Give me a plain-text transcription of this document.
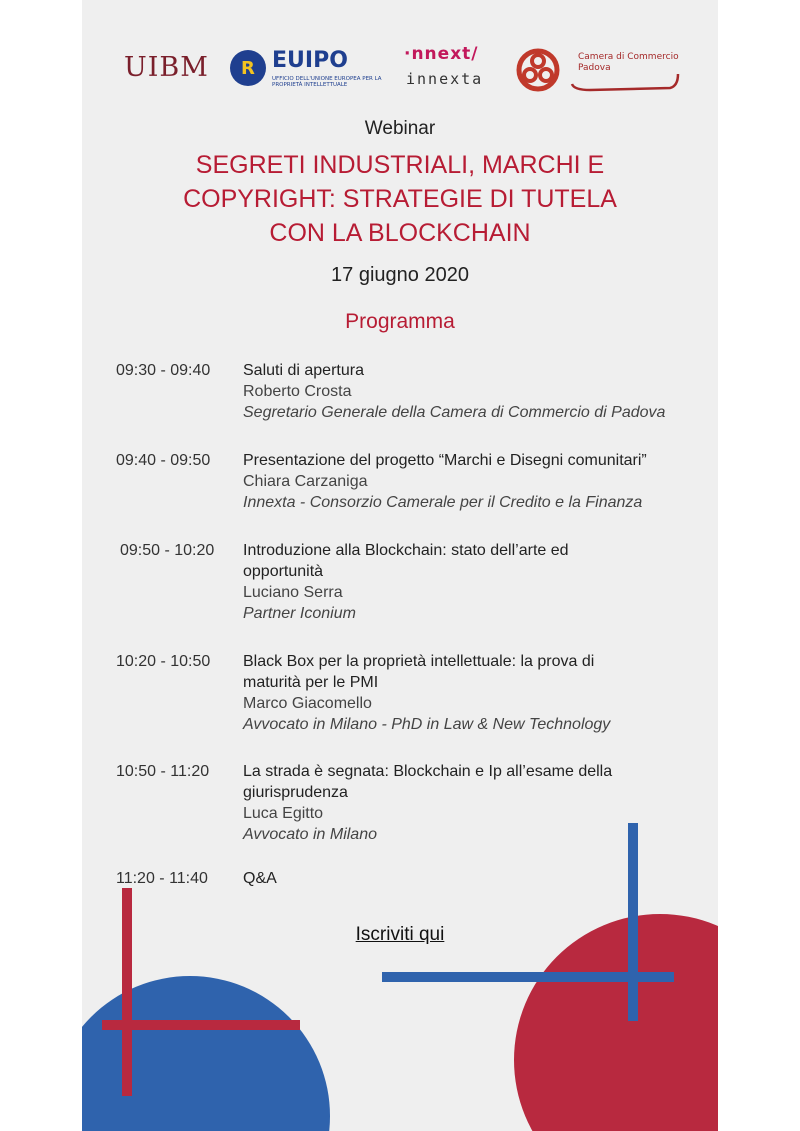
UIBM R EUIPO
UFFICIO DELL'UNIONE EUROPEA PER LA PROPRIETÀ INTELLETTUALE
·nnext/
innexta
Camera di Commercio
Padova
Webinar
SEGRETI INDUSTRIALI, MARCHI E
COPYRIGHT: STRATEGIE DI TUTELA
CON LA BLOCKCHAIN
17 giugno 2020
Programma
09:30 - 09:40	Saluti di apertura
Roberto Crosta
Segretario Generale della Camera di Commercio di Padova
09:40 - 09:50	Presentazione del progetto “Marchi e Disegni comunitari”
Chiara Carzaniga
Innexta - Consorzio Camerale per il Credito e la Finanza
09:50 - 10:20	Introduzione alla Blockchain: stato dell’arte ed opportunità
Luciano Serra
Partner Iconium
10:20 - 10:50	Black Box per la proprietà intellettuale: la prova di maturità per le PMI
Marco Giacomello
Avvocato in Milano - PhD in Law & New Technology
10:50 - 11:20	La strada è segnata: Blockchain e Ip all’esame della giurisprudenza
Luca Egitto
Avvocato in Milano
11:20 - 11:40	Q&A
Iscriviti qui
